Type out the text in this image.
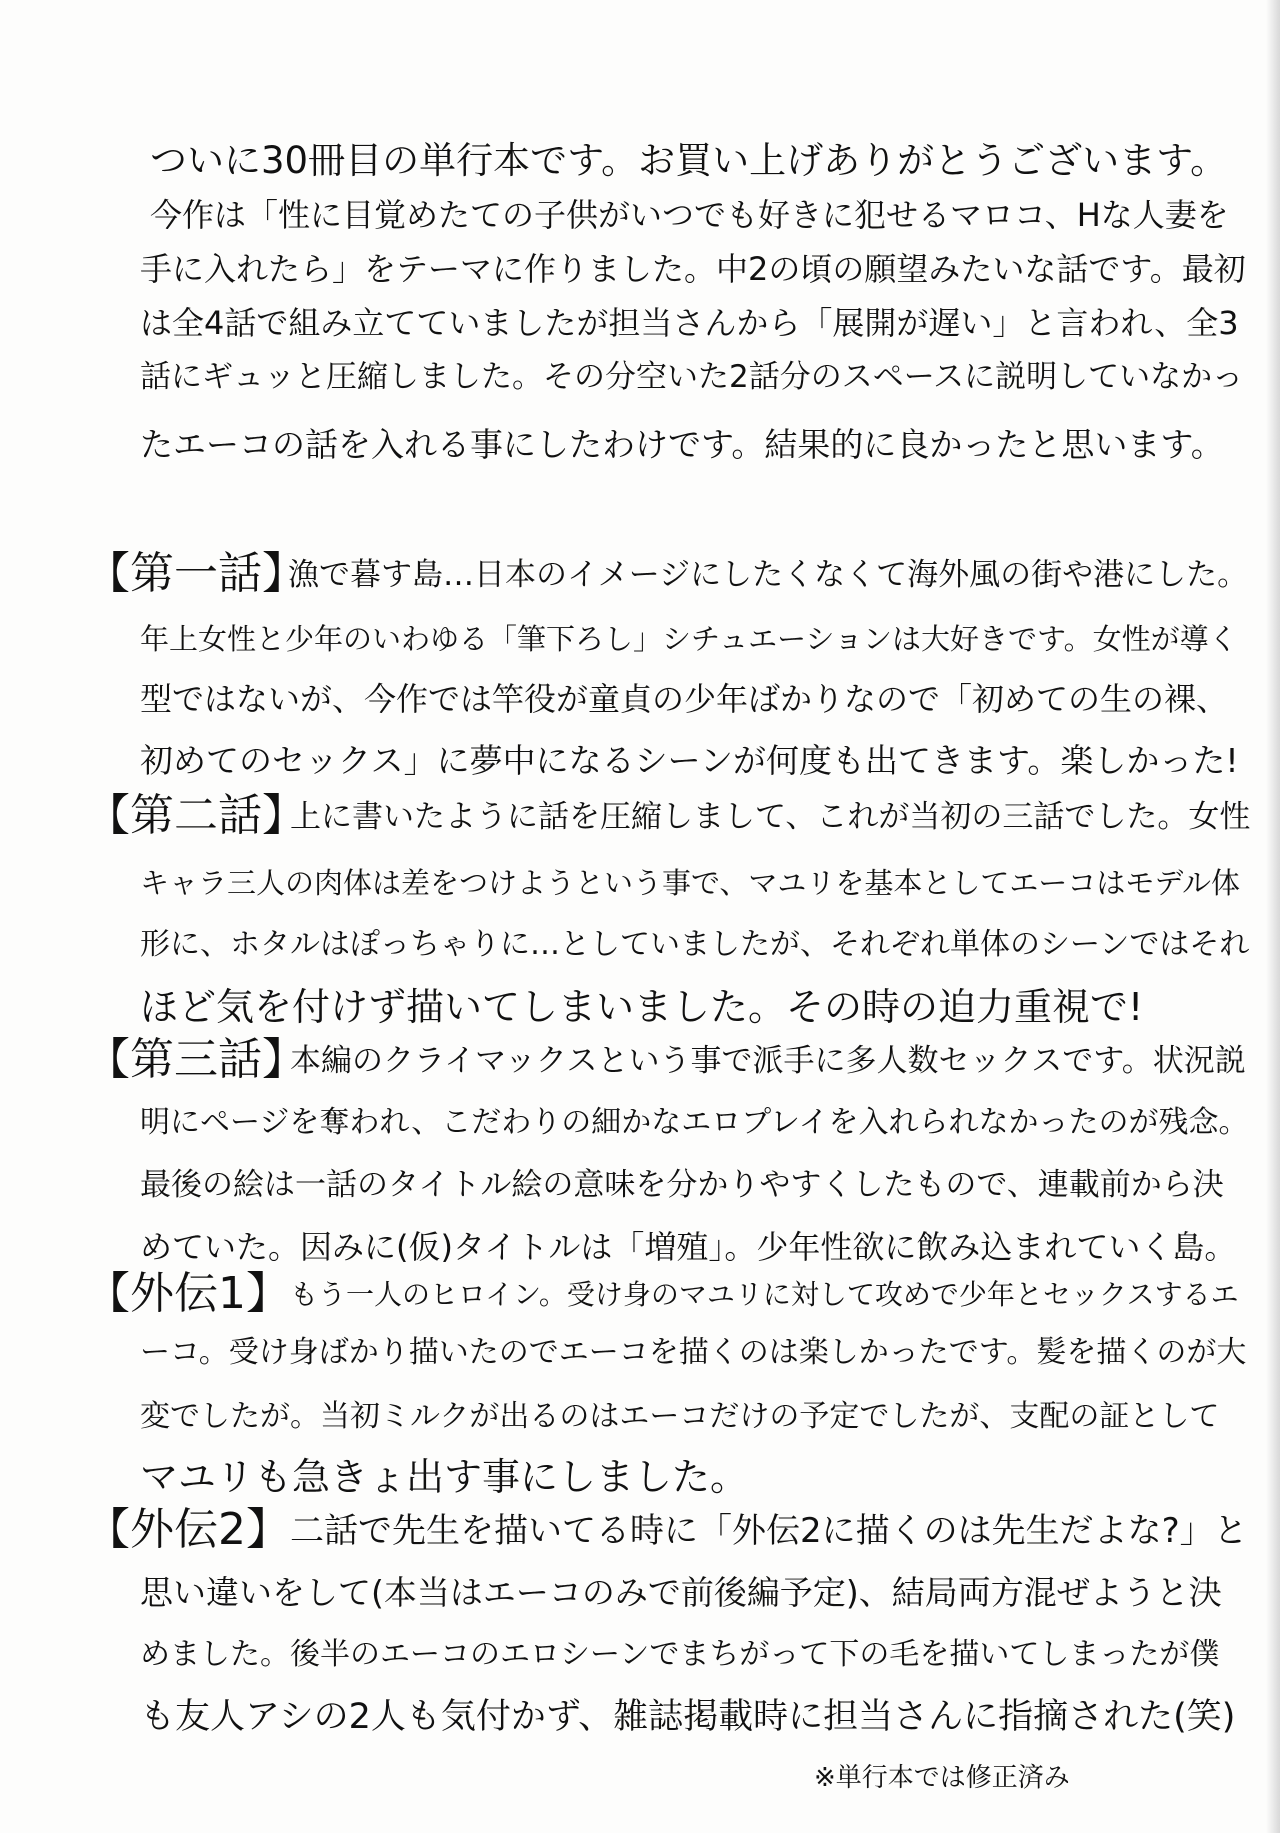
ついに30冊目の単行本です。お買い上げありがとうございます。
今作は「性に目覚めたての子供がいつでも好きに犯せるマロコ、Hな人妻を
手に入れたら」をテーマに作りました。中2の頃の願望みたいな話です。最初
は全4話で組み立てていましたが担当さんから「展開が遅い」と言われ、全3
話にギュッと圧縮しました。その分空いた2話分のスペースに説明していなかっ
たエーコの話を入れる事にしたわけです。結果的に良かったと思います。
【第一話】
漁で暮す島…日本のイメージにしたくなくて海外風の街や港にした。
年上女性と少年のいわゆる「筆下ろし」シチュエーションは大好きです。女性が導く
型ではないが、今作では竿役が童貞の少年ばかりなので「初めての生の裸、
初めてのセックス」に夢中になるシーンが何度も出てきます。楽しかった!
【第二話】
上に書いたように話を圧縮しまして、これが当初の三話でした。女性
キャラ三人の肉体は差をつけようという事で、マユリを基本としてエーコはモデル体
形に、ホタルはぽっちゃりに…としていましたが、それぞれ単体のシーンではそれ
ほど気を付けず描いてしまいました。その時の迫力重視で!
【第三話】
本編のクライマックスという事で派手に多人数セックスです。状況説
明にページを奪われ、こだわりの細かなエロプレイを入れられなかったのが残念。
最後の絵は一話のタイトル絵の意味を分かりやすくしたもので、連載前から決
めていた。因みに(仮)タイトルは「増殖」。少年性欲に飲み込まれていく島。
【外伝1】 もう一人のヒロイン。受け身のマユリに対して攻めで少年とセックスするエ
ーコ。受け身ばかり描いたのでエーコを描くのは楽しかったです。髪を描くのが大
変でしたが。当初ミルクが出るのはエーコだけの予定でしたが、支配の証として
マユリも急きょ出す事にしました。
【外伝2】 二話で先生を描いてる時に「外伝2に描くのは先生だよな?」と
思い違いをして(本当はエーコのみで前後編予定)、結局両方混ぜようと決
めました。後半のエーコのエロシーンでまちがって下の毛を描いてしまったが僕
も友人アシの2人も気付かず、雑誌掲載時に担当さんに指摘された(笑)
※単行本では修正済み
